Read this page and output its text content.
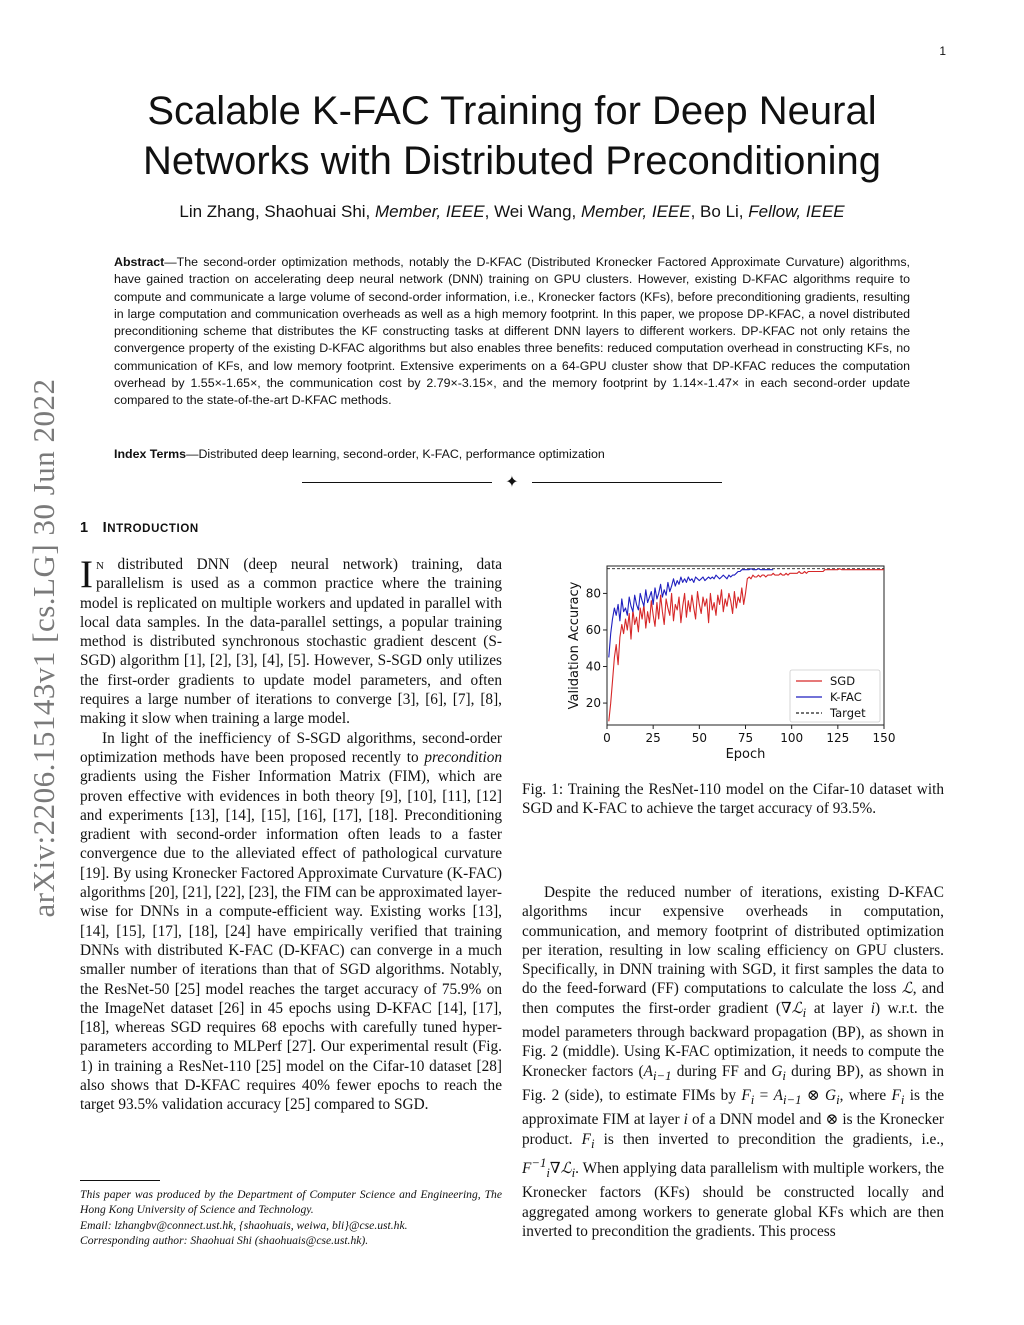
1
arXiv:2206.15143v1 [cs.LG] 30 Jun 2022
Scalable K-FAC Training for Deep Neural
Networks with Distributed Preconditioning
Lin Zhang, Shaohuai Shi, Member, IEEE, Wei Wang, Member, IEEE, Bo Li, Fellow, IEEE
Abstract—The second-order optimization methods, notably the D-KFAC (Distributed Kronecker Factored Approximate Curvature) algorithms, have gained traction on accelerating deep neural network (DNN) training on GPU clusters. However, existing D-KFAC algorithms require to compute and communicate a large volume of second-order information, i.e., Kronecker factors (KFs), before preconditioning gradients, resulting in large computation and communication overheads as well as a high memory footprint. In this paper, we propose DP-KFAC, a novel distributed preconditioning scheme that distributes the KF constructing tasks at different DNN layers to different workers. DP-KFAC not only retains the convergence property of the existing D-KFAC algorithms but also enables three benefits: reduced computation overhead in constructing KFs, no communication of KFs, and low memory footprint. Extensive experiments on a 64-GPU cluster show that DP-KFAC reduces the computation overhead by 1.55×-1.65×, the communication cost by 2.79×-3.15×, and the memory footprint by 1.14×-1.47× in each second-order update compared to the state-of-the-art D-KFAC methods.
Index Terms—Distributed deep learning, second-order, K-FAC, performance optimization
✦
1 INTRODUCTION

In distributed DNN (deep neural network) training, data parallelism is used as a common practice where the training model is replicated on multiple workers and updated in parallel with local data samples. In the data-parallel settings, a popular training method is distributed synchronous stochastic gradient descent (S-SGD) algorithm [1], [2], [3], [4], [5]. However, S-SGD only utilizes the first-order gradients to update model parameters, and often requires a large number of iterations to converge [3], [6], [7], [8], making it slow when training a large model.

In light of the inefficiency of S-SGD algorithms, second-order optimization methods have been proposed recently to precondition gradients using the Fisher Information Matrix (FIM), which are proven effective with evidences in both theory [9], [10], [11], [12] and experiments [13], [14], [15], [16], [17], [18]. Preconditioning gradient with second-order information often leads to a faster convergence due to the alleviated effect of pathological curvature [19]. By using Kronecker Factored Approximate Curvature (K-FAC) algorithms [20], [21], [22], [23], the FIM can be approximated layer-wise for DNNs in a compute-efficient way. Existing works [13], [14], [15], [17], [18], [24] have empirically verified that training DNNs with distributed K-FAC (D-KFAC) can converge in a much smaller number of iterations than that of SGD algorithms. Notably, the ResNet-50 [25] model reaches the target accuracy of 75.9% on the ImageNet dataset [26] in 45 epochs using D-KFAC [14], [17], [18], whereas SGD requires 68 epochs with carefully tuned hyper-parameters according to MLPerf [27]. Our experimental result (Fig. 1) in training a ResNet-110 [25] model on the Cifar-10 dataset [28] also shows that D-KFAC requires 40% fewer epochs to reach the target 93.5% validation accuracy [25] compared to SGD.

This paper was produced by the Department of Computer Science and Engineering, The Hong Kong University of Science and Technology.

Email: lzhangbv@connect.ust.hk, {shaohuais, weiwa, bli}@cse.ust.hk.

Corresponding author: Shaohuai Shi (shaohuais@cse.ust.hk).

0	25	50	75 100 125 150
20
40
60
80
Epoch
Validation Accuracy	SGD
K-FAC
Target
Fig. 1: Training the ResNet-110 model on the Cifar-10 dataset with SGD and K-FAC to achieve the target accuracy of 93.5%.

Despite the reduced number of iterations, existing D-KFAC algorithms incur expensive overheads in computation, communication, and memory footprint of distributed optimization per iteration, resulting in low scaling efficiency on GPU clusters. Specifically, in DNN training with SGD, it first samples the data to do the feed-forward (FF) computations to calculate the loss ℒ, and then computes the first-order gradient (∇ℒ$_i$ at layer i) w.r.t. the model parameters through backward propagation (BP), as shown in Fig. 2 (middle). Using K-FAC optimization, it needs to compute the Kronecker factors ($A_{i-1}$ during FF and $G_i$ during BP), as shown in Fig. 2 (side), to estimate FIMs by $F_i = A_{i-1}$ ⊗ $G_i$, where $F_i$ is the approximate FIM at layer i of a DNN model and ⊗ is the Kronecker product. $F_i$ is then inverted to precondition the gradients, i.e., $F^{-1}_i\nabla ℒ_i$. When applying data parallelism with multiple workers, the Kronecker factors (KFs) should be constructed locally and aggregated among workers to generate global KFs which are then inverted to precondition the gradients. This process
